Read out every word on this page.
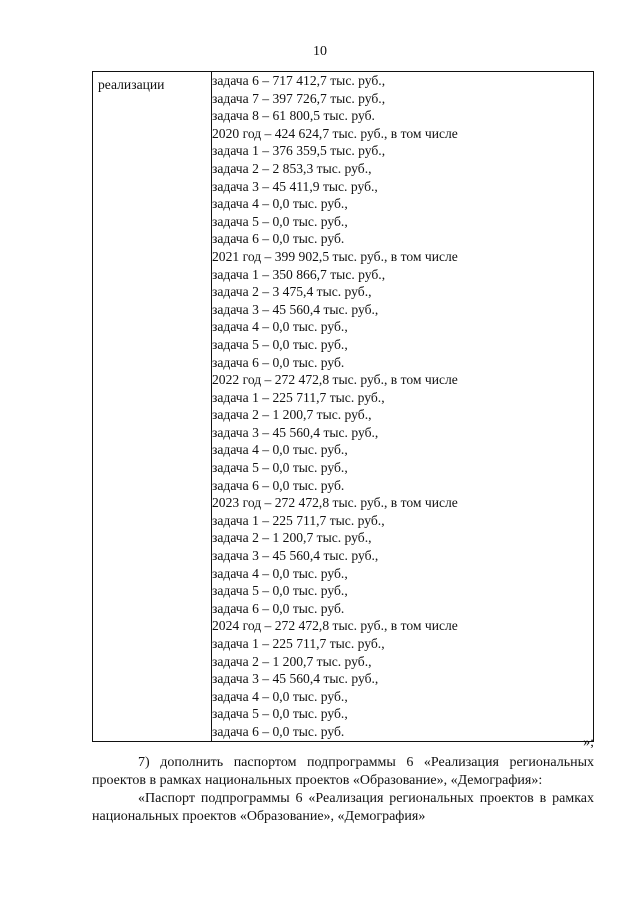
10
реализации	задача 6 – 717 412,7 тыс. руб.,
задача 7 – 397 726,7 тыс. руб.,
задача 8 – 61 800,5 тыс. руб.
2020 год – 424 624,7 тыс. руб., в том числе
задача 1 – 376 359,5 тыс. руб.,
задача 2 – 2 853,3 тыс. руб.,
задача 3 – 45 411,9 тыс. руб.,
задача 4 – 0,0 тыс. руб.,
задача 5 – 0,0 тыс. руб.,
задача 6 – 0,0 тыс. руб.
2021 год – 399 902,5 тыс. руб., в том числе
задача 1 – 350 866,7 тыс. руб.,
задача 2 – 3 475,4 тыс. руб.,
задача 3 – 45 560,4 тыс. руб.,
задача 4 – 0,0 тыс. руб.,
задача 5 – 0,0 тыс. руб.,
задача 6 – 0,0 тыс. руб.
2022 год – 272 472,8 тыс. руб., в том числе
задача 1 – 225 711,7 тыс. руб.,
задача 2 – 1 200,7 тыс. руб.,
задача 3 – 45 560,4 тыс. руб.,
задача 4 – 0,0 тыс. руб.,
задача 5 – 0,0 тыс. руб.,
задача 6 – 0,0 тыс. руб.
2023 год – 272 472,8 тыс. руб., в том числе
задача 1 – 225 711,7 тыс. руб.,
задача 2 – 1 200,7 тыс. руб.,
задача 3 – 45 560,4 тыс. руб.,
задача 4 – 0,0 тыс. руб.,
задача 5 – 0,0 тыс. руб.,
задача 6 – 0,0 тыс. руб.
2024 год – 272 472,8 тыс. руб., в том числе
задача 1 – 225 711,7 тыс. руб.,
задача 2 – 1 200,7 тыс. руб.,
задача 3 – 45 560,4 тыс. руб.,
задача 4 – 0,0 тыс. руб.,
задача 5 – 0,0 тыс. руб.,
задача 6 – 0,0 тыс. руб.
»;
7) дополнить паспортом подпрограммы 6 «Реализация региональных проектов в рамках национальных проектов «Образование», «Демография»:
«Паспорт подпрограммы 6 «Реализация региональных проектов в рамках национальных проектов «Образование», «Демография»
